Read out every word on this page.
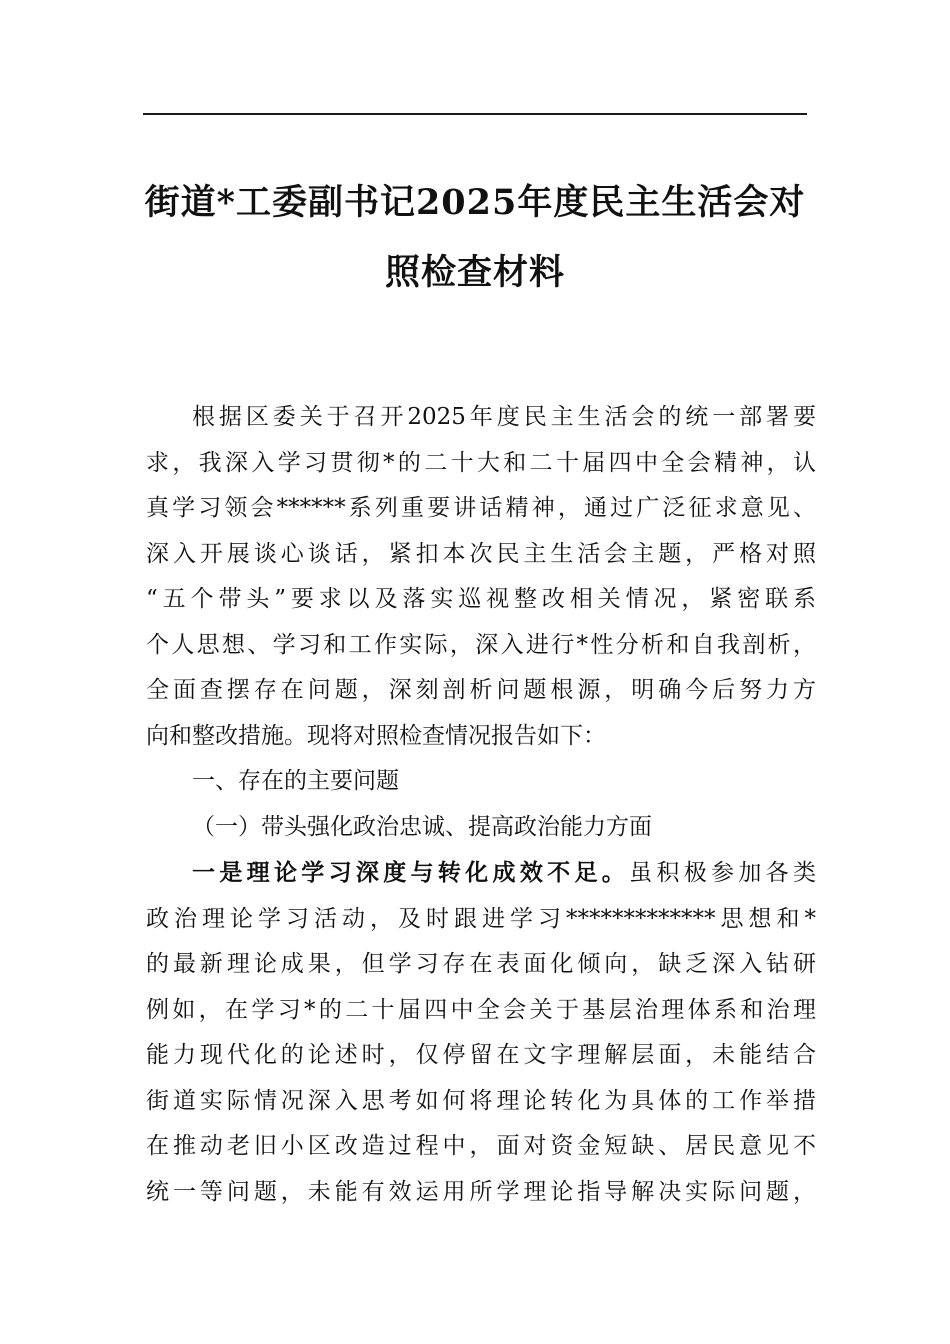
街道*工委副书记2025年度民主生活会对
照检查材料
根据区委关于召开2025年度民主生活会的统一部署要
求，我深入学习贯彻*的二十大和二十届四中全会精神，认
真学习领会******系列重要讲话精神，通过广泛征求意见、
深入开展谈心谈话，紧扣本次民主生活会主题，严格对照
“五个带头”要求以及落实巡视整改相关情况，紧密联系
个人思想、学习和工作实际，深入进行*性分析和自我剖析，
全面查摆存在问题，深刻剖析问题根源，明确今后努力方
向和整改措施。现将对照检查情况报告如下：
一、存在的主要问题
（一）带头强化政治忠诚、提高政治能力方面
一是理论学习深度与转化成效不足。虽积极参加各类
政治理论学习活动，及时跟进学习*************思想和*
的最新理论成果，但学习存在表面化倾向，缺乏深入钻研
例如，在学习*的二十届四中全会关于基层治理体系和治理
能力现代化的论述时，仅停留在文字理解层面，未能结合
街道实际情况深入思考如何将理论转化为具体的工作举措
在推动老旧小区改造过程中，面对资金短缺、居民意见不
统一等问题，未能有效运用所学理论指导解决实际问题，
